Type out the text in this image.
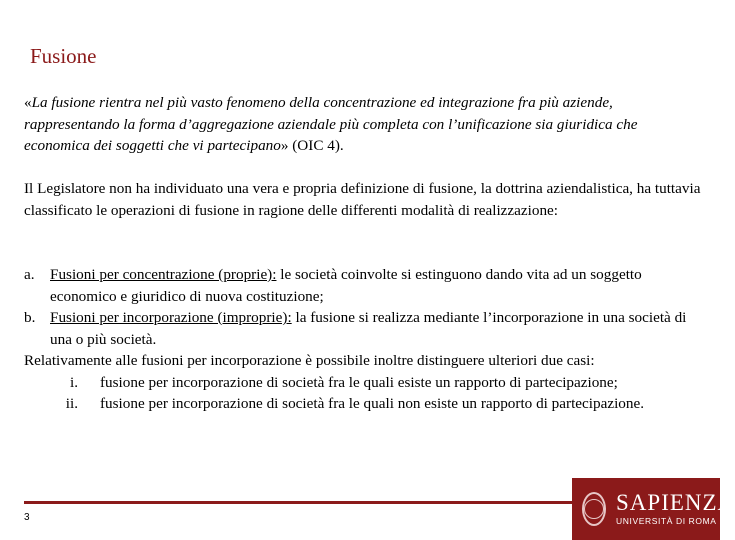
Fusione
«La fusione rientra nel più vasto fenomeno della concentrazione ed integrazione fra più aziende, rappresentando la forma d’aggregazione aziendale più completa con l’unificazione sia giuridica che economica dei soggetti che vi partecipano» (OIC 4).
Il Legislatore non ha individuato una vera e propria definizione di fusione, la dottrina aziendalistica, ha tuttavia classificato le operazioni di fusione in ragione delle differenti modalità di realizzazione:
a.	Fusioni per concentrazione (proprie): le società coinvolte si estinguono dando vita ad un soggetto economico e giuridico di nuova costituzione;
b. Fusioni per incorporazione (improprie): la fusione si realizza mediante l’incorporazione in una società di una o più società.
Relativamente alle fusioni per incorporazione è possibile inoltre distinguere ulteriori due casi:
i.	fusione per incorporazione di società fra le quali esiste un rapporto di partecipazione;
ii.	fusione per incorporazione di società fra le quali non esiste un rapporto di partecipazione.
3
SAPIENZA
UNIVERSITÀ DI ROMA
